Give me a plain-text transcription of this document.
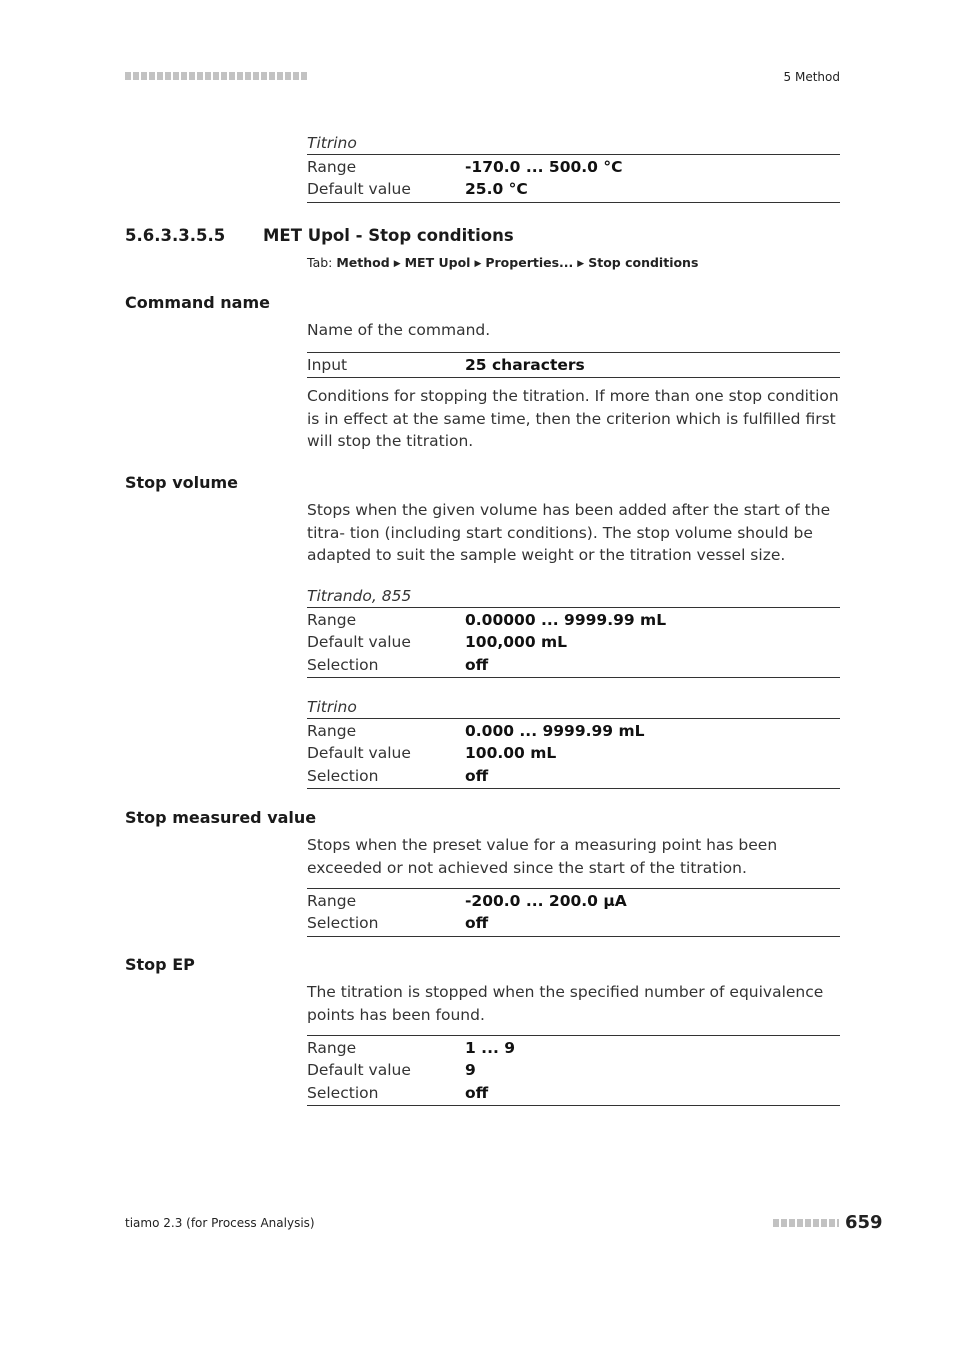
5 Method
Titrino
Range	-170.0 ... 500.0 °C
Default value	25.0 °C
5.6.3.3.5.5 MET Upol - Stop conditions
Tab: Method ▶ MET Upol ▶ Properties... ▶ Stop conditions
Command name
Name of the command.
Input	25 characters
Conditions for stopping the titration. If more than one stop condition is in effect at the same time, then the criterion which is fulfilled first will stop the titration.
Stop volume
Stops when the given volume has been added after the start of the titra- tion (including start conditions). The stop volume should be adapted to suit the sample weight or the titration vessel size.
Titrando, 855
Range	0.00000 ... 9999.99 mL
Default value	100,000 mL
Selection	off
Titrino
Range	0.000 ... 9999.99 mL
Default value	100.00 mL
Selection	off
Stop measured value
Stops when the preset value for a measuring point has been exceeded or not achieved since the start of the titration.
Range	-200.0 ... 200.0 µA
Selection	off
Stop EP
The titration is stopped when the specified number of equivalence points has been found.
Range	1 ... 9
Default value	9
Selection	off
tiamo 2.3 (for Process Analysis)	659
